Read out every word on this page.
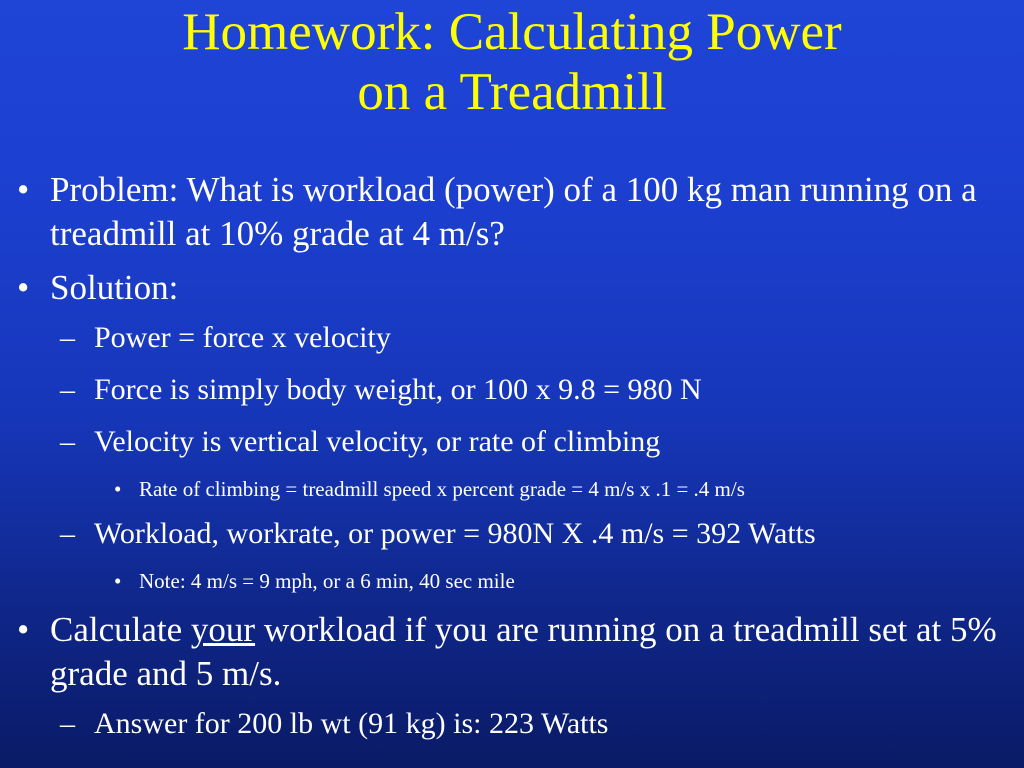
Homework: Calculating Power
on a Treadmill
• Problem: What is workload (power) of a 100 kg man running on a treadmill at 10% grade at 4 m/s?
• Solution:
– Power = force x velocity
– Force is simply body weight, or 100 x 9.8 = 980 N
– Velocity is vertical velocity, or rate of climbing
• Rate of climbing = treadmill speed x percent grade = 4 m/s x .1 = .4 m/s
– Workload, workrate, or power = 980N X .4 m/s = 392 Watts
• Note: 4 m/s = 9 mph, or a 6 min, 40 sec mile
• Calculate your workload if you are running on a treadmill set at 5% grade and 5 m/s.
– Answer for 200 lb wt (91 kg) is: 223 Watts
